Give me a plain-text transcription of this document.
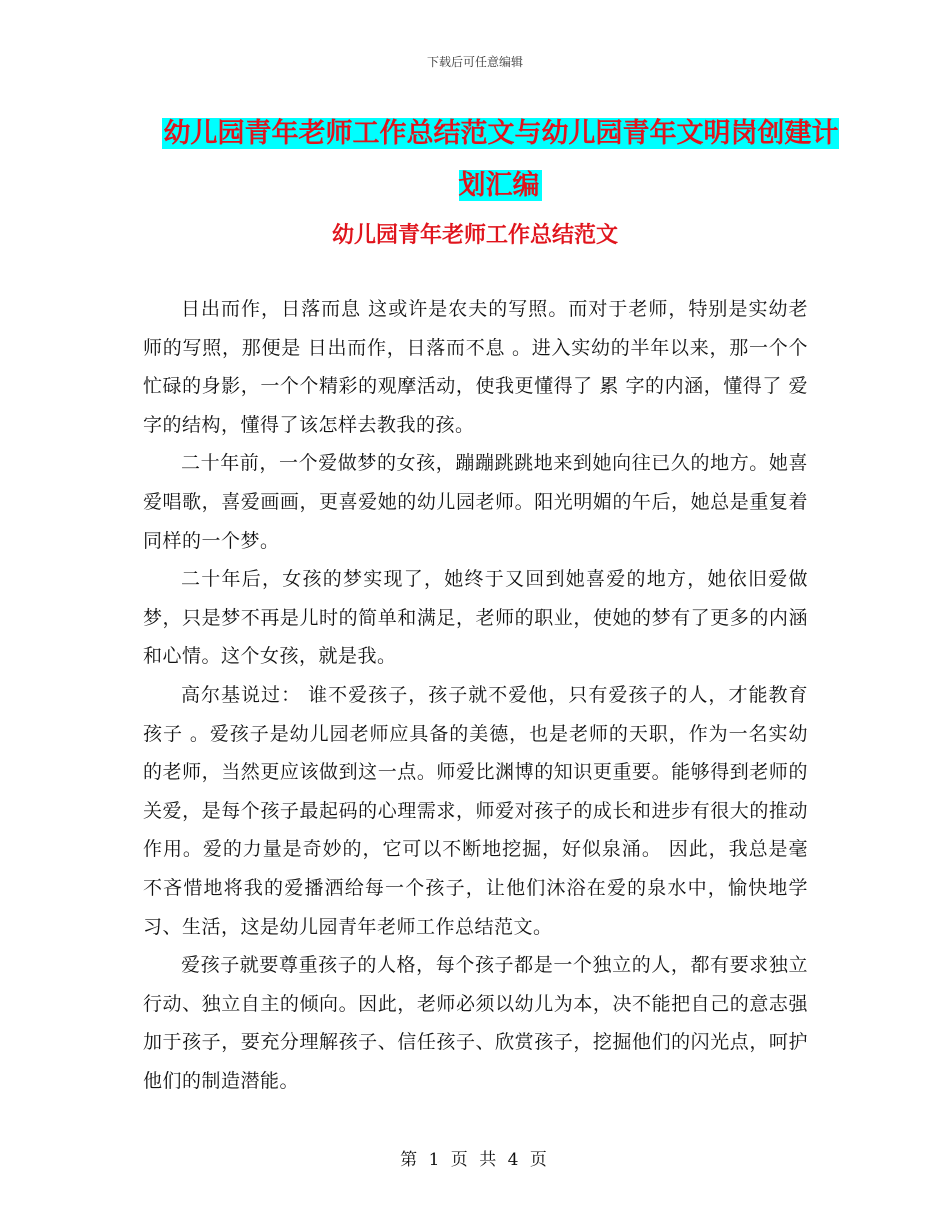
下载后可任意编辑
幼儿园青年老师工作总结范文与幼儿园青年文明岗创建计划汇编
幼儿园青年老师工作总结范文

日出而作，日落而息 这或许是农夫的写照。而对于老师，特别是实幼老师的写照，那便是 日出而作，日落而不息 。进入实幼的半年以来，那一个个忙碌的身影，一个个精彩的观摩活动，使我更懂得了 累 字的内涵，懂得了 爱 字的结构，懂得了该怎样去教我的孩。

二十年前，一个爱做梦的女孩，蹦蹦跳跳地来到她向往已久的地方。她喜爱唱歌，喜爱画画，更喜爱她的幼儿园老师。阳光明媚的午后，她总是重复着同样的一个梦。

二十年后，女孩的梦实现了，她终于又回到她喜爱的地方，她依旧爱做梦，只是梦不再是儿时的简单和满足，老师的职业，使她的梦有了更多的内涵和心情。这个女孩，就是我。

高尔基说过： 谁不爱孩子，孩子就不爱他，只有爱孩子的人，才能教育孩子 。爱孩子是幼儿园老师应具备的美德，也是老师的天职，作为一名实幼的老师，当然更应该做到这一点。师爱比渊博的知识更重要。能够得到老师的关爱，是每个孩子最起码的心理需求，师爱对孩子的成长和进步有很大的推动作用。爱的力量是奇妙的，它可以不断地挖掘，好似泉涌。 因此，我总是毫不吝惜地将我的爱播洒给每一个孩子，让他们沐浴在爱的泉水中，愉快地学习、生活，这是幼儿园青年老师工作总结范文。

爱孩子就要尊重孩子的人格，每个孩子都是一个独立的人，都有要求独立行动、独立自主的倾向。因此，老师必须以幼儿为本，决不能把自己的意志强加于孩子，要充分理解孩子、信任孩子、欣赏孩子，挖掘他们的闪光点，呵护他们的制造潜能。

第 1 页 共 4 页
